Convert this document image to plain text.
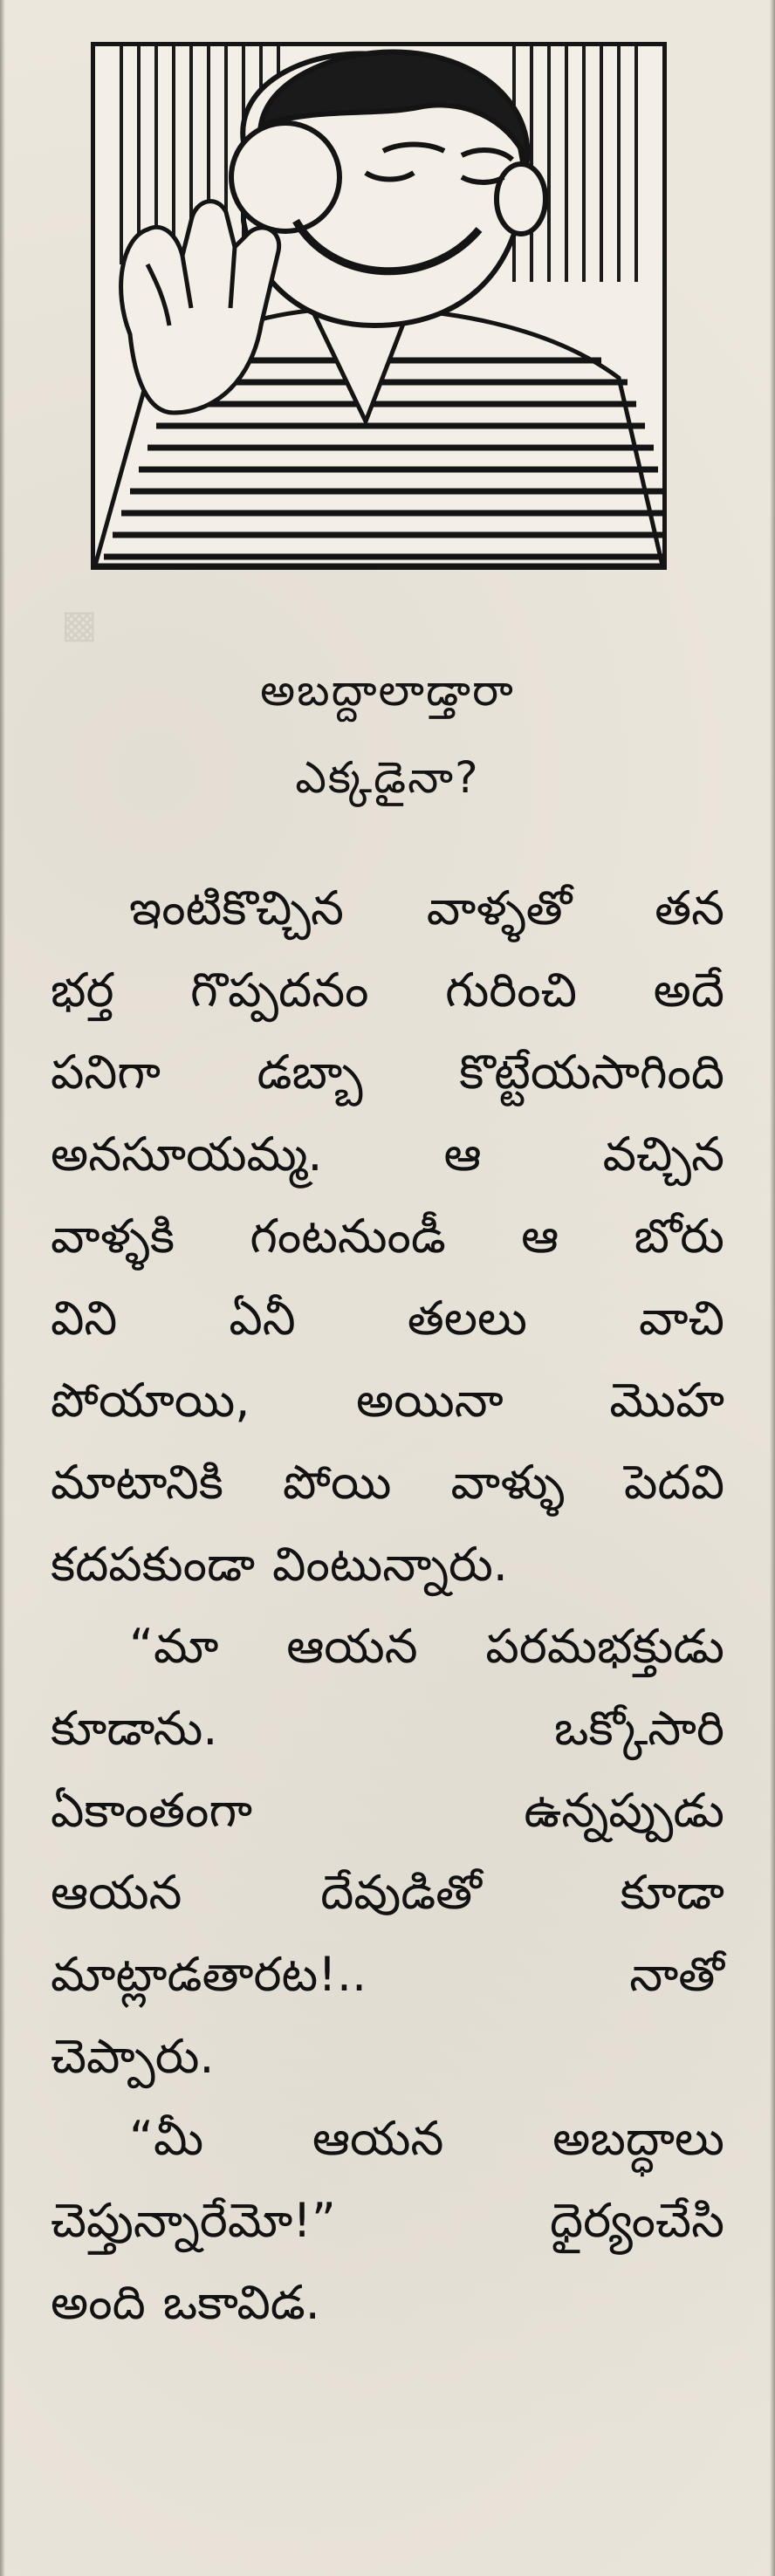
▩
అబద్దాలాడ్తారా
ఎక్కడైనా?
ఇంటికొచ్చిన వాళ్ళతో తన
భర్త గొప్పదనం గురించి అదే
పనిగా డబ్బా కొట్టేయసాగింది
అనసూయమ్మ.	ఆ	వచ్చిన
వాళ్ళకి గంటనుండీ ఆ బోరు
విని ఏనీ తలలు వాచి
పోయాయి, అయినా మొహ
మాటానికి పోయి వాళ్ళు పెదవి
కదపకుండా వింటున్నారు.
“మా ఆయన పరమభక్తుడు
కూడాను.	ఒక్కోసారి
ఏకాంతంగా	ఉన్నప్పుడు
ఆయన	దేవుడితో	కూడా
మాట్లాడతారట!..	నాతో
చెప్పారు.
“మీ ఆయన అబద్ధాలు
చెప్తున్నారేమో!”	ధైర్యంచేసి
అంది ఒకావిడ.
